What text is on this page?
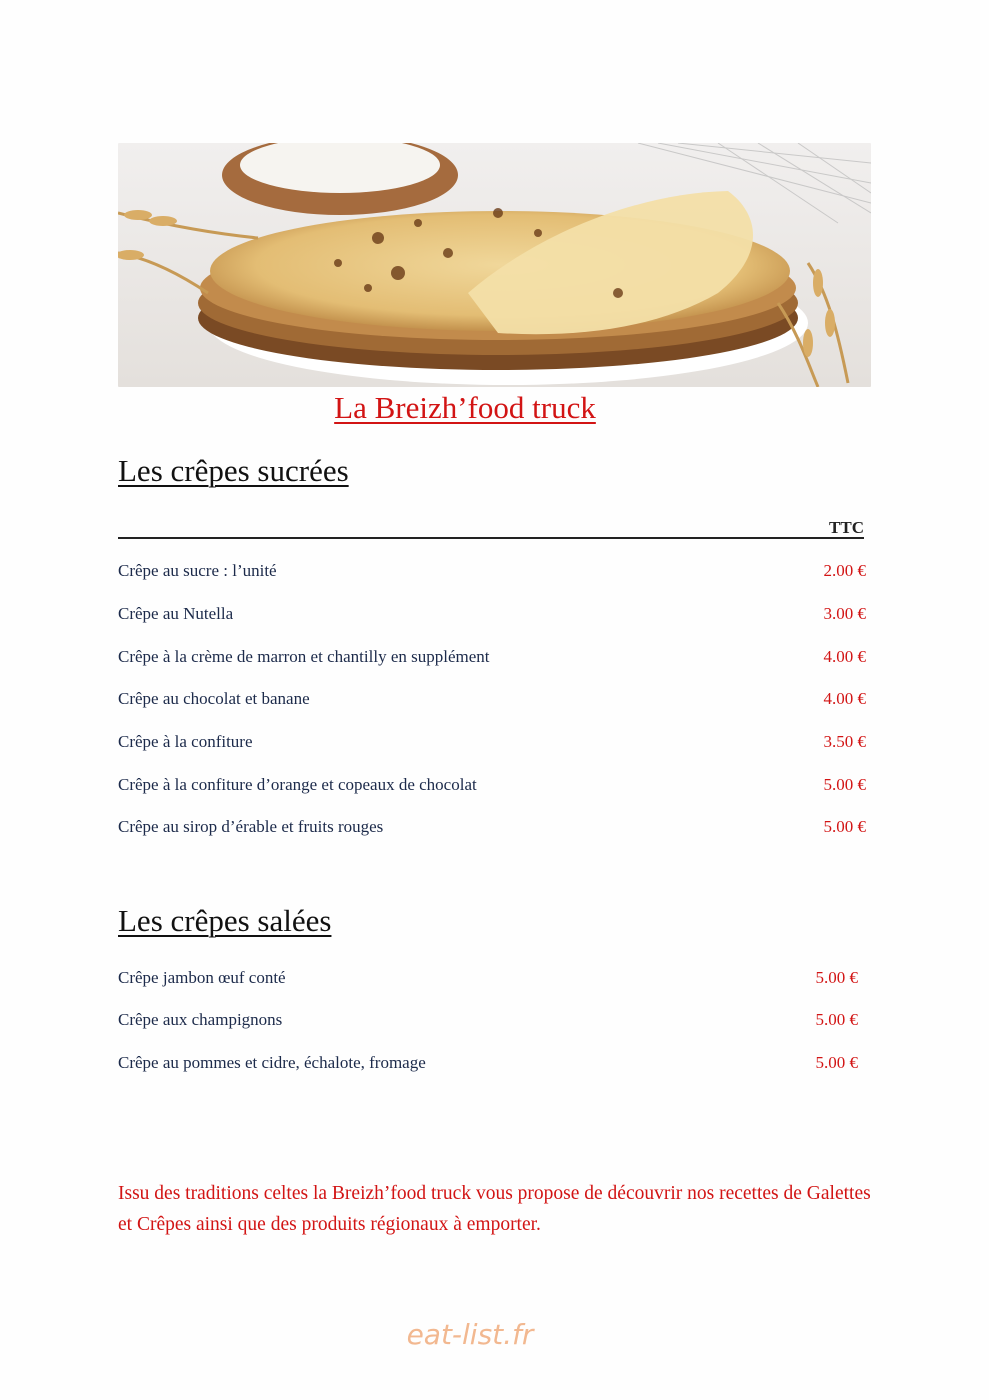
La Breizh’food truck
Les crêpes sucrées
TTC
Crêpe au sucre : l’unité	2.00 €
Crêpe au Nutella	3.00 €
Crêpe à la crème de marron et chantilly en supplément	4.00 €
Crêpe au chocolat et banane	4.00 €
Crêpe à la confiture	3.50 €
Crêpe à la confiture d’orange et copeaux de chocolat	5.00 €
Crêpe au sirop d’érable et fruits rouges	5.00 €
Les crêpes salées
Crêpe jambon œuf conté	5.00 €
Crêpe aux champignons	5.00 €
Crêpe au pommes et cidre, échalote, fromage	5.00 €
Issu des traditions celtes la Breizh’food truck vous propose de découvrir nos recettes de Galettes et Crêpes ainsi que des produits régionaux à emporter.
eat-list.fr
